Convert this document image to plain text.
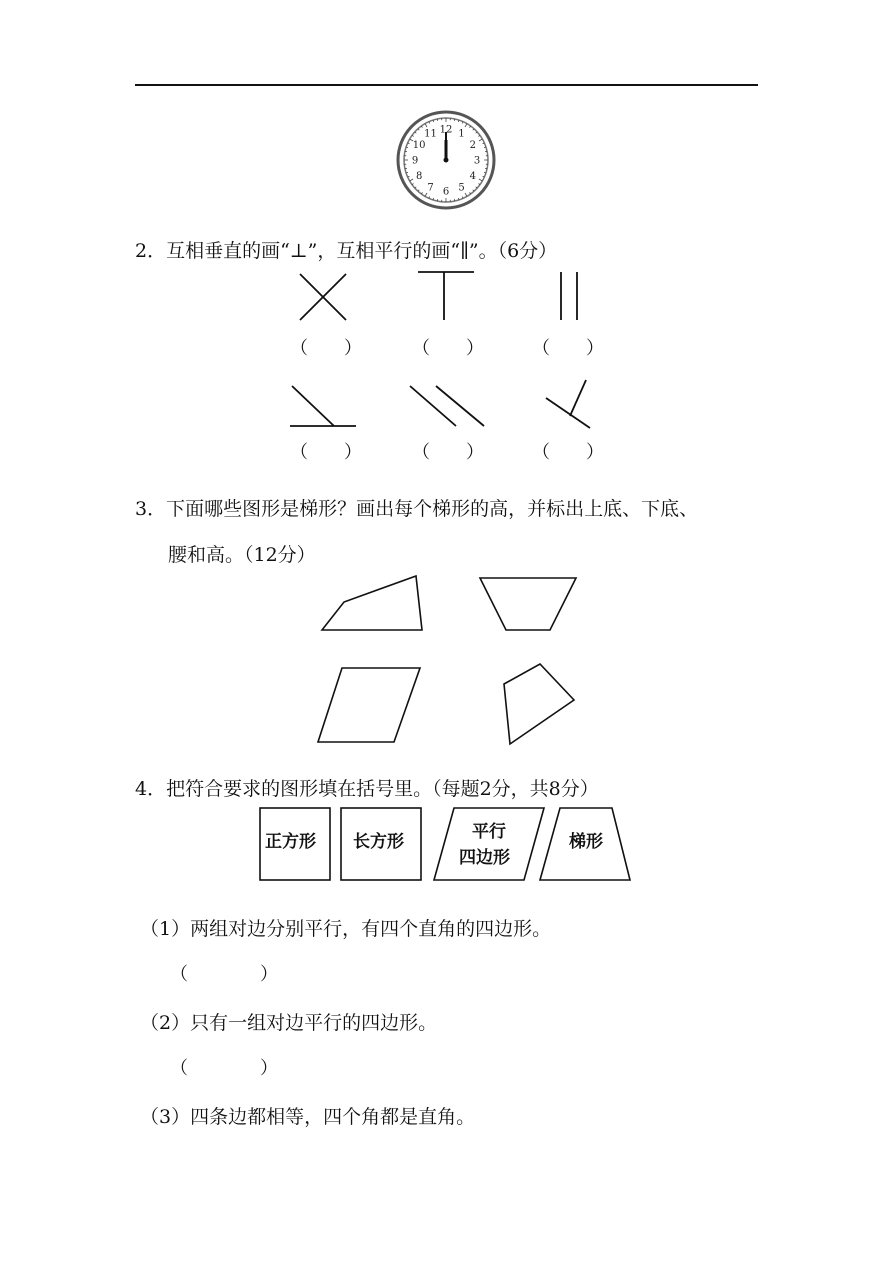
12 1
2
3
4
5
6
7
8
9
10
11
2．互相垂直的画“⊥”，互相平行的画“∥”。（6分）
（　　）	（　　）	（　　）
（　　）	（　　）	（　　）
3．下面哪些图形是梯形？画出每个梯形的高，并标出上底、下底、
腰和高。（12分）
4．把符合要求的图形填在括号里。（每题2分，共8分）
正方形 长方形	平行
四边形
梯形
（1）两组对边分别平行，有四个直角的四边形。
（　　　　）
（2）只有一组对边平行的四边形。
（　　　　）
（3）四条边都相等，四个角都是直角。
